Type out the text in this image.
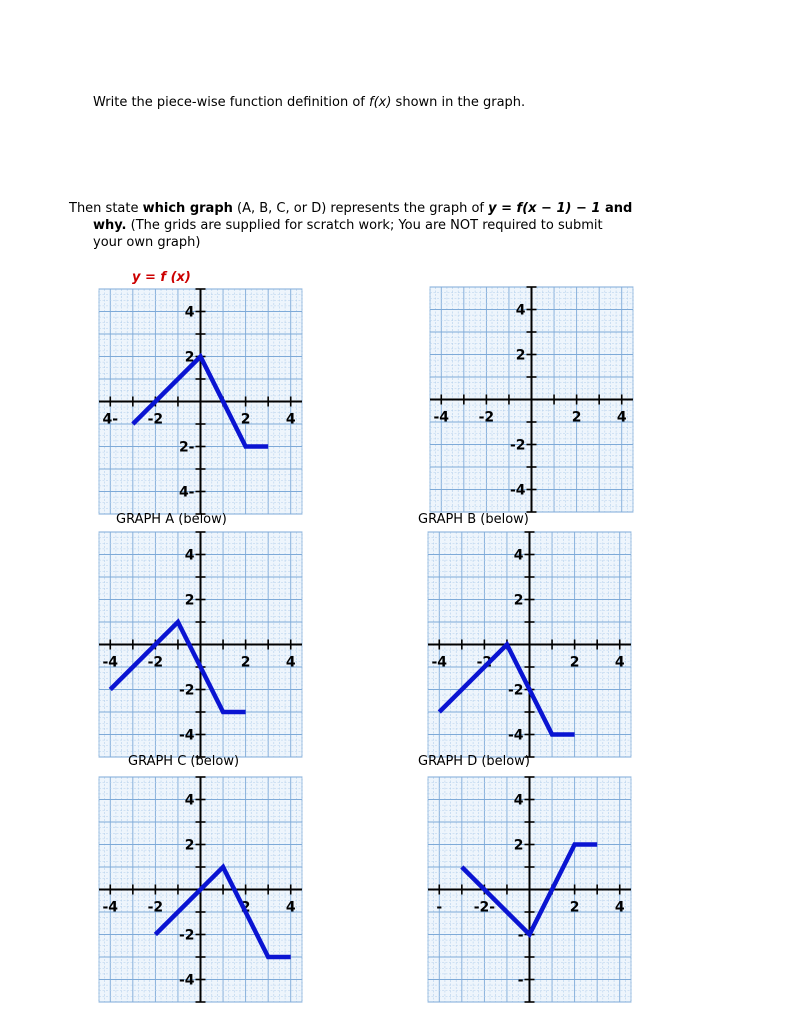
Write the piece-wise function definition of f(x) shown in the graph.
Then state which graph (A, B, C, or D) represents the graph of y = f(x − 1) − 1 and
why. (The grids are supplied for scratch work; You are NOT required to submit
your own graph)
y = f (x)
4- -2	2	4
4
2
2-
4-
-4 -2	2	4
4
2
-2
-4
GRAPH A (below)	GRAPH B (below)
-4 -2	2	4
4
2
-2
-4
-4 -2	2	4
4
2
-2
-4
GRAPH C (below)	GRAPH D (below)
-4 -2	2	4
4
2
-2
-4
- -2-	2	4
4
2
-
-
